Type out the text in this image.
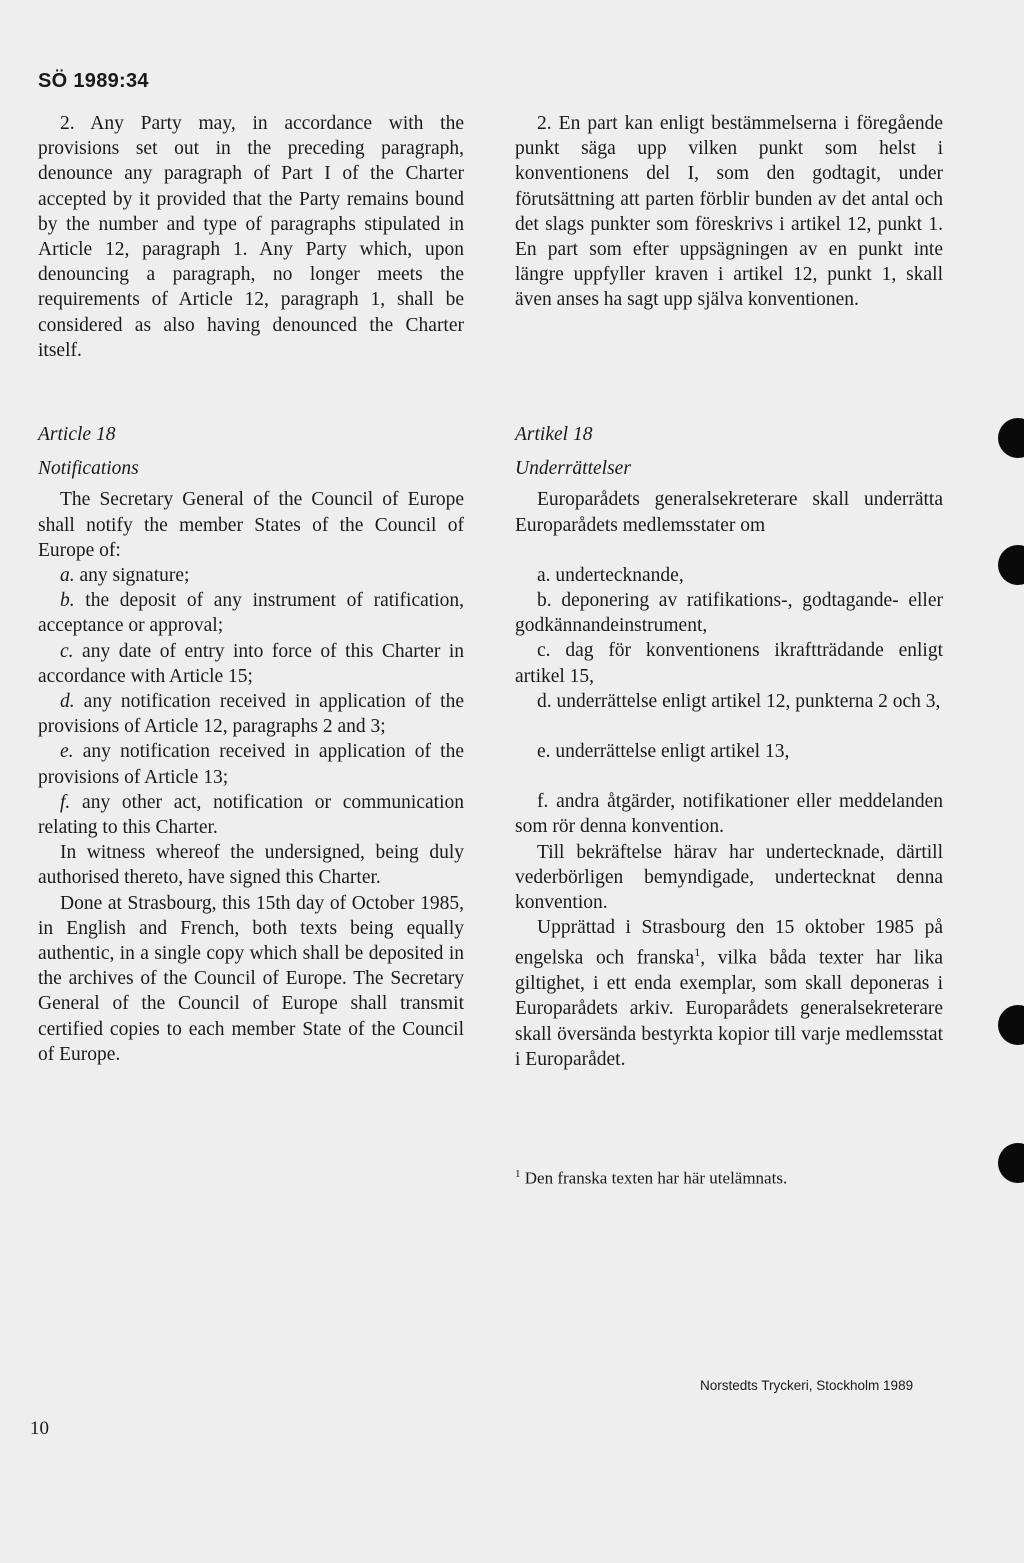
SÖ 1989:34

2. Any Party may, in accordance with the provisions set out in the preceding paragraph, denounce any paragraph of Part I of the Charter accepted by it provided that the Party remains bound by the number and type of paragraphs stipulated in Article 12, paragraph 1. Any Party which, upon denouncing a paragraph, no longer meets the requirements of Article 12, paragraph 1, shall be considered as also having denounced the Charter itself.

Article 18

Notifications

The Secretary General of the Council of Europe shall notify the member States of the Council of Europe of:

a. any signature;
b. the deposit of any instrument of ratification, acceptance or approval;
c. any date of entry into force of this Charter in accordance with Article 15;
d. any notification received in application of the provisions of Article 12, paragraphs 2 and 3;
e. any notification received in application of the provisions of Article 13;
f. any other act, notification or communication relating to this Charter.

In witness whereof the undersigned, being duly authorised thereto, have signed this Charter.

Done at Strasbourg, this 15th day of October 1985, in English and French, both texts being equally authentic, in a single copy which shall be deposited in the archives of the Council of Europe. The Secretary General of the Council of Europe shall transmit certified copies to each member State of the Council of Europe.

2. En part kan enligt bestämmelserna i föregående punkt säga upp vilken punkt som helst i konventionens del I, som den godtagit, under förutsättning att parten förblir bunden av det antal och det slags punkter som föreskrivs i artikel 12, punkt 1. En part som efter uppsägningen av en punkt inte längre uppfyller kraven i artikel 12, punkt 1, skall även anses ha sagt upp själva konventionen.

Artikel 18

Underrättelser

Europarådets generalsekreterare skall underrätta Europarådets medlemsstater om

a. undertecknande,
b. deponering av ratifikations-, godtagande- eller godkännandeinstrument,
c. dag för konventionens ikraftträdande enligt artikel 15,
d. underrättelse enligt artikel 12, punkterna 2 och 3,
e. underrättelse enligt artikel 13,
f. andra åtgärder, notifikationer eller meddelanden som rör denna konvention.

Till bekräftelse härav har undertecknade, därtill vederbörligen bemyndigade, undertecknat denna konvention.

Upprättad i Strasbourg den 15 oktober 1985 på engelska och franska$^1$, vilka båda texter har lika giltighet, i ett enda exemplar, som skall deponeras i Europarådets arkiv. Europarådets generalsekreterare skall översända bestyrkta kopior till varje medlemsstat i Europarådet.

$^1$ Den franska texten har här utelämnats.
Norstedts Tryckeri, Stockholm 1989
10
